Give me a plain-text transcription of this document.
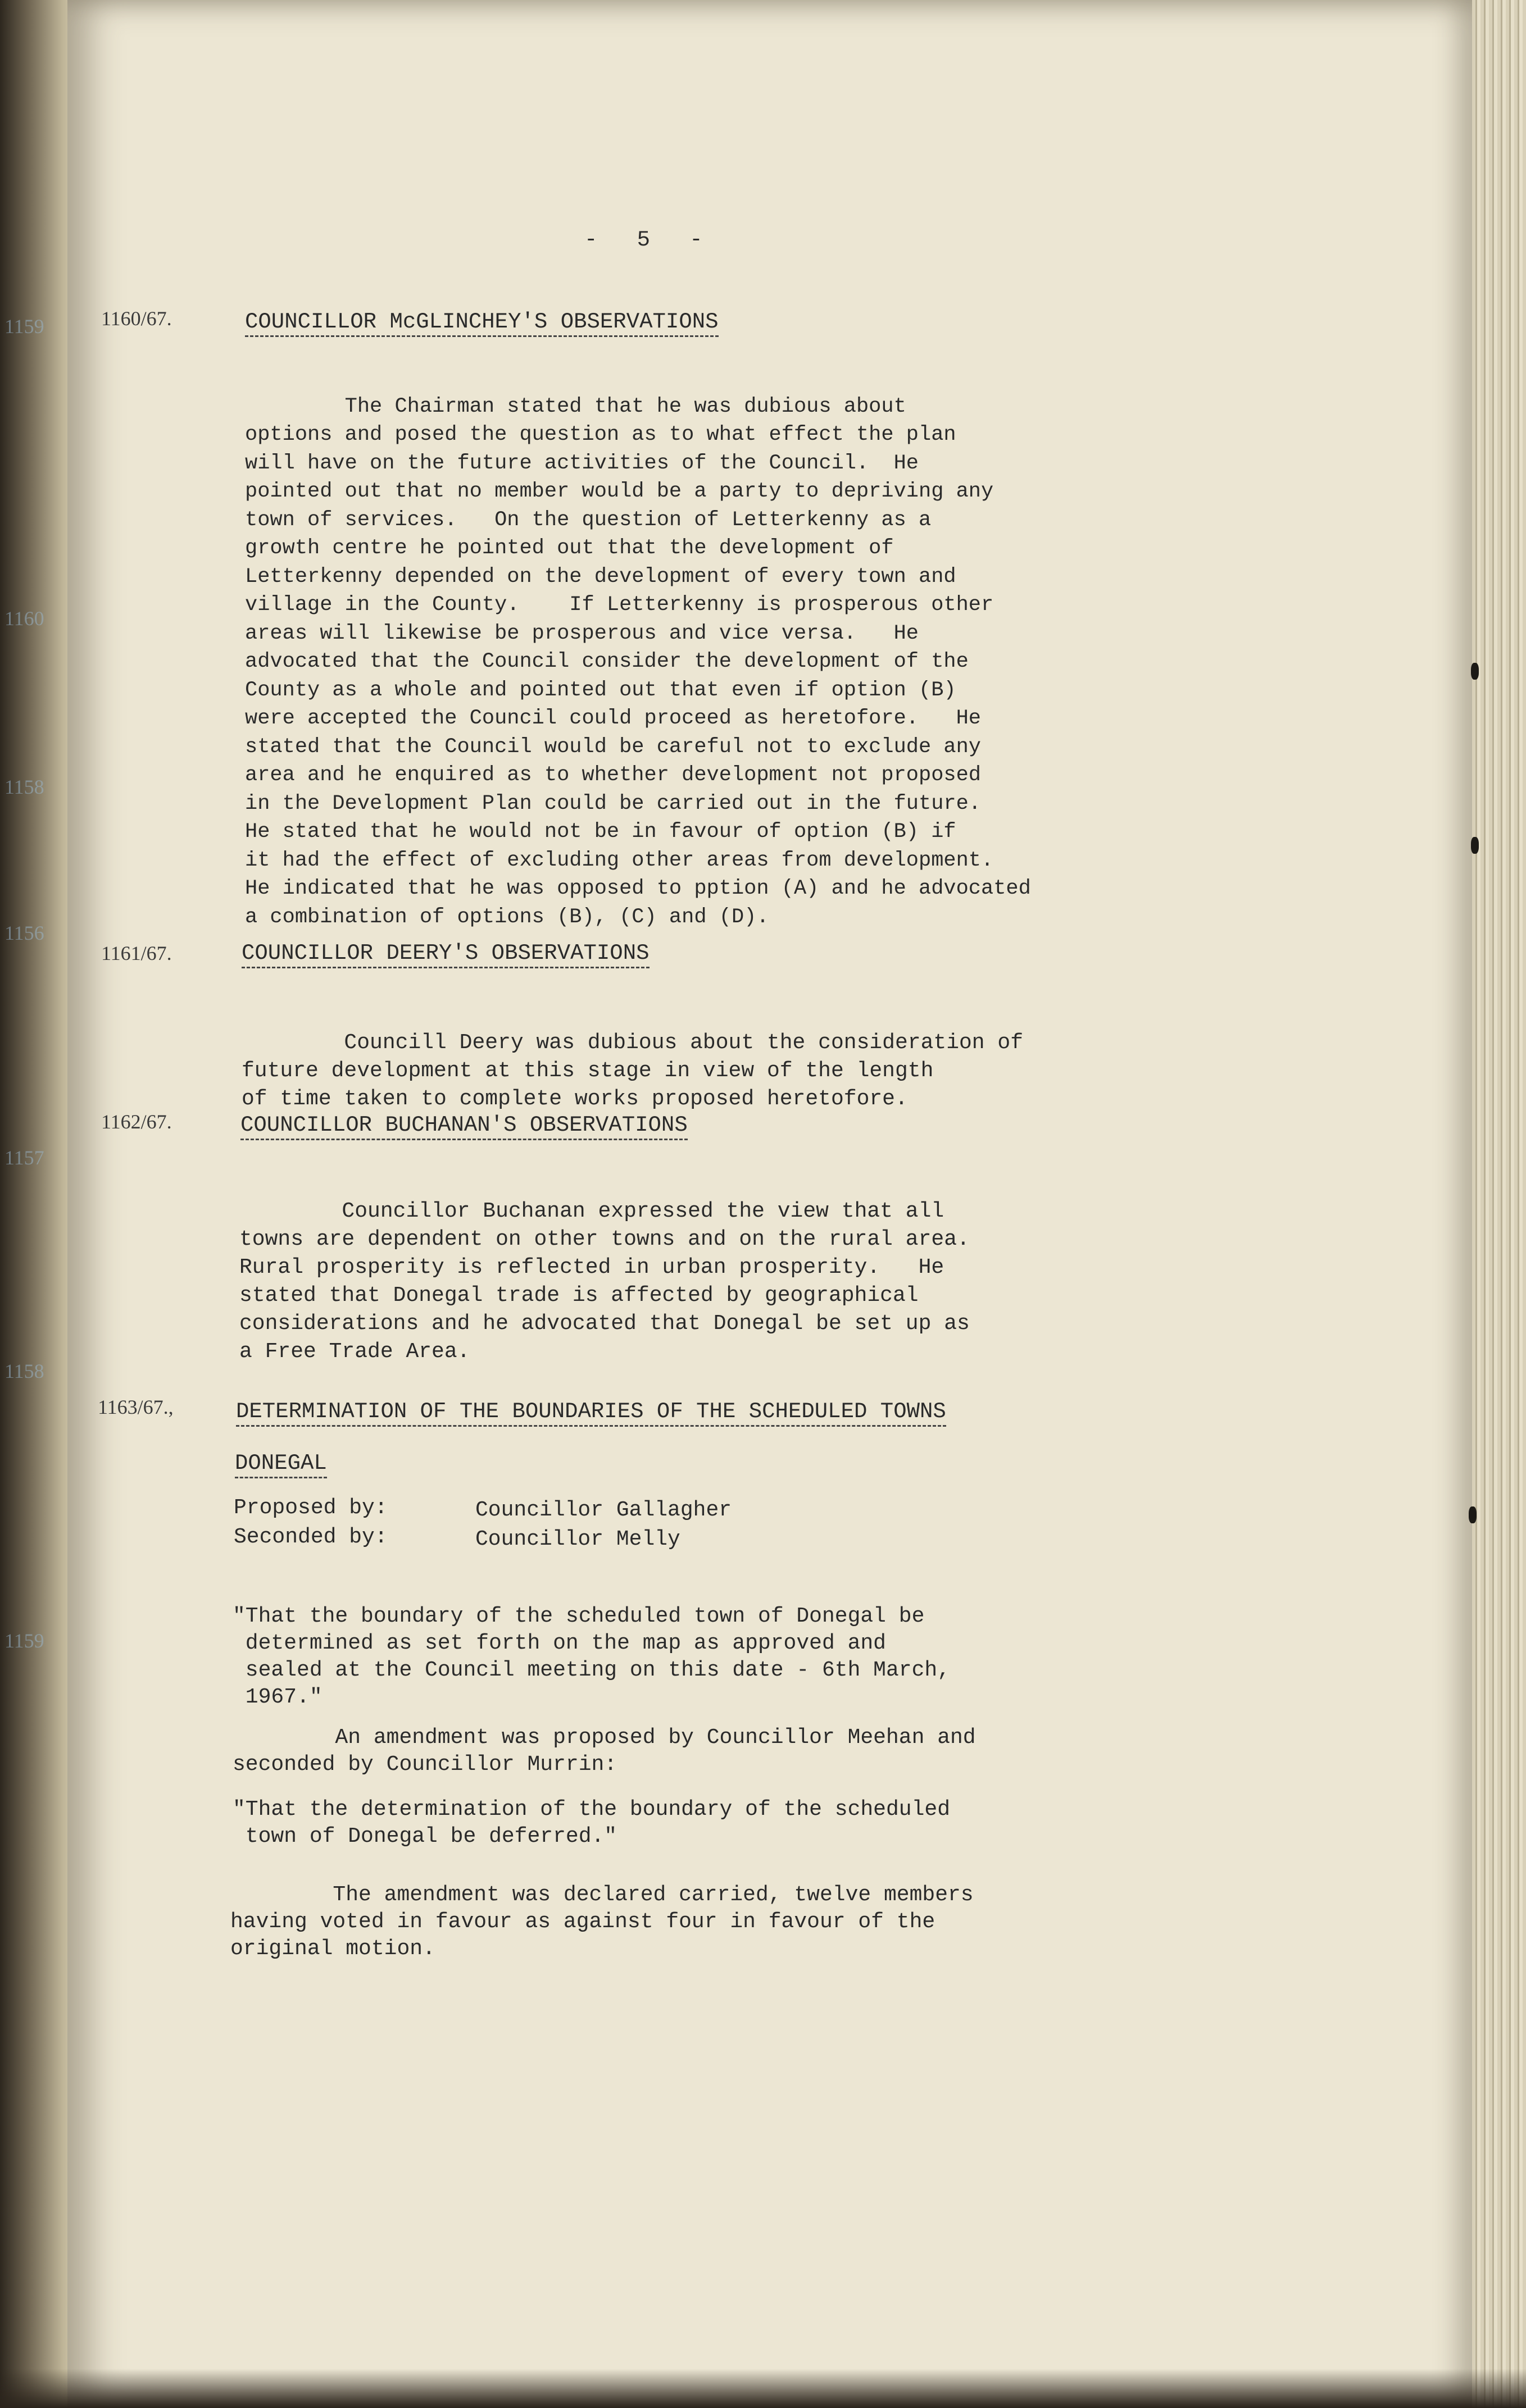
1159
1160
1158
1156
1157
1158
1159
-   5   -
1160/67.	COUNCILLOR McGLINCHEY'S OBSERVATIONS

The Chairman stated that he was dubious about
options and posed the question as to what effect the plan
will have on the future activities of the Council.  He
pointed out that no member would be a party to depriving any
town of services.   On the question of Letterkenny as a
growth centre he pointed out that the development of
Letterkenny depended on the development of every town and
village in the County.    If Letterkenny is prosperous other
areas will likewise be prosperous and vice versa.   He
advocated that the Council consider the development of the
County as a whole and pointed out that even if option (B)
were accepted the Council could proceed as heretofore.   He
stated that the Council would be careful not to exclude any
area and he enquired as to whether development not proposed
in the Development Plan could be carried out in the future.
He stated that he would not be in favour of option (B) if
it had the effect of excluding other areas from development.
He indicated that he was opposed to pption (A) and he advocated
a combination of options (B), (C) and (D).

1161/67.	COUNCILLOR DEERY'S OBSERVATIONS

Councill Deery was dubious about the consideration of
future development at this stage in view of the length
of time taken to complete works proposed heretofore.

1162/67.	COUNCILLOR BUCHANAN'S OBSERVATIONS

Councillor Buchanan expressed the view that all
towns are dependent on other towns and on the rural area.
Rural prosperity is reflected in urban prosperity.   He
stated that Donegal trade is affected by geographical
considerations and he advocated that Donegal be set up as
a Free Trade Area.

1163/67.,	DETERMINATION OF THE BOUNDARIES OF THE SCHEDULED TOWNS
DONEGAL
Proposed by:	Councillor Gallagher
Seconded by:	Councillor Melly

"That the boundary of the scheduled town of Donegal be
determined as set forth on the map as approved and
sealed at the Council meeting on this date - 6th March,
1967."

An amendment was proposed by Councillor Meehan and
seconded by Councillor Murrin:

"That the determination of the boundary of the scheduled
town of Donegal be deferred."

The amendment was declared carried, twelve members
having voted in favour as against four in favour of the
original motion.
